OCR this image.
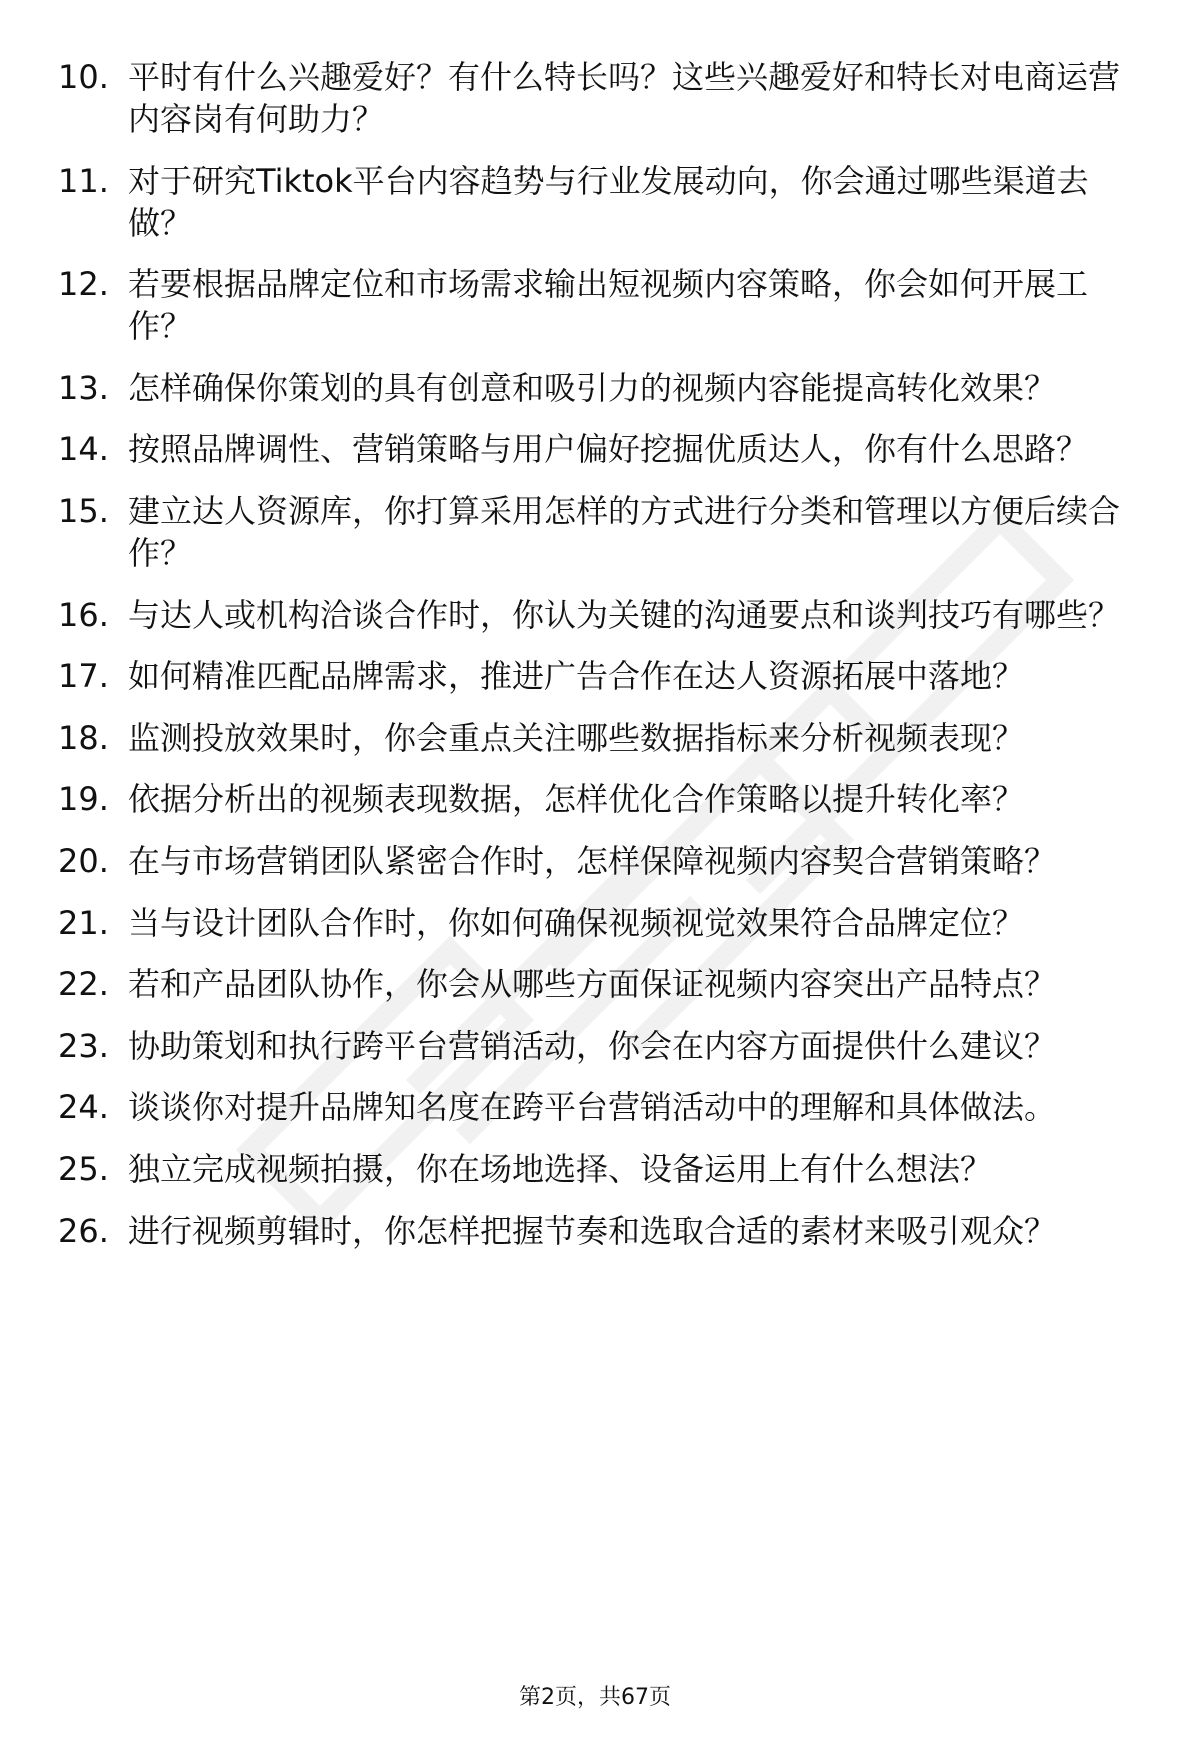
10. 平时有什么兴趣爱好？有什么特长吗？这些兴趣爱好和特长对电商运营内容岗有何助力？
11. 对于研究Tiktok平台内容趋势与行业发展动向，你会通过哪些渠道去做？
12. 若要根据品牌定位和市场需求输出短视频内容策略，你会如何开展工作？
13. 怎样确保你策划的具有创意和吸引力的视频内容能提高转化效果？
14. 按照品牌调性、营销策略与用户偏好挖掘优质达人，你有什么思路？
15. 建立达人资源库，你打算采用怎样的方式进行分类和管理以方便后续合作？
16. 与达人或机构洽谈合作时，你认为关键的沟通要点和谈判技巧有哪些？
17. 如何精准匹配品牌需求，推进广告合作在达人资源拓展中落地？
18. 监测投放效果时，你会重点关注哪些数据指标来分析视频表现？
19. 依据分析出的视频表现数据，怎样优化合作策略以提升转化率？
20. 在与市场营销团队紧密合作时，怎样保障视频内容契合营销策略？
21. 当与设计团队合作时，你如何确保视频视觉效果符合品牌定位？
22. 若和产品团队协作，你会从哪些方面保证视频内容突出产品特点？
23. 协助策划和执行跨平台营销活动，你会在内容方面提供什么建议？
24. 谈谈你对提升品牌知名度在跨平台营销活动中的理解和具体做法。
25. 独立完成视频拍摄，你在场地选择、设备运用上有什么想法？
26. 进行视频剪辑时，你怎样把握节奏和选取合适的素材来吸引观众？
第2页，共67页
